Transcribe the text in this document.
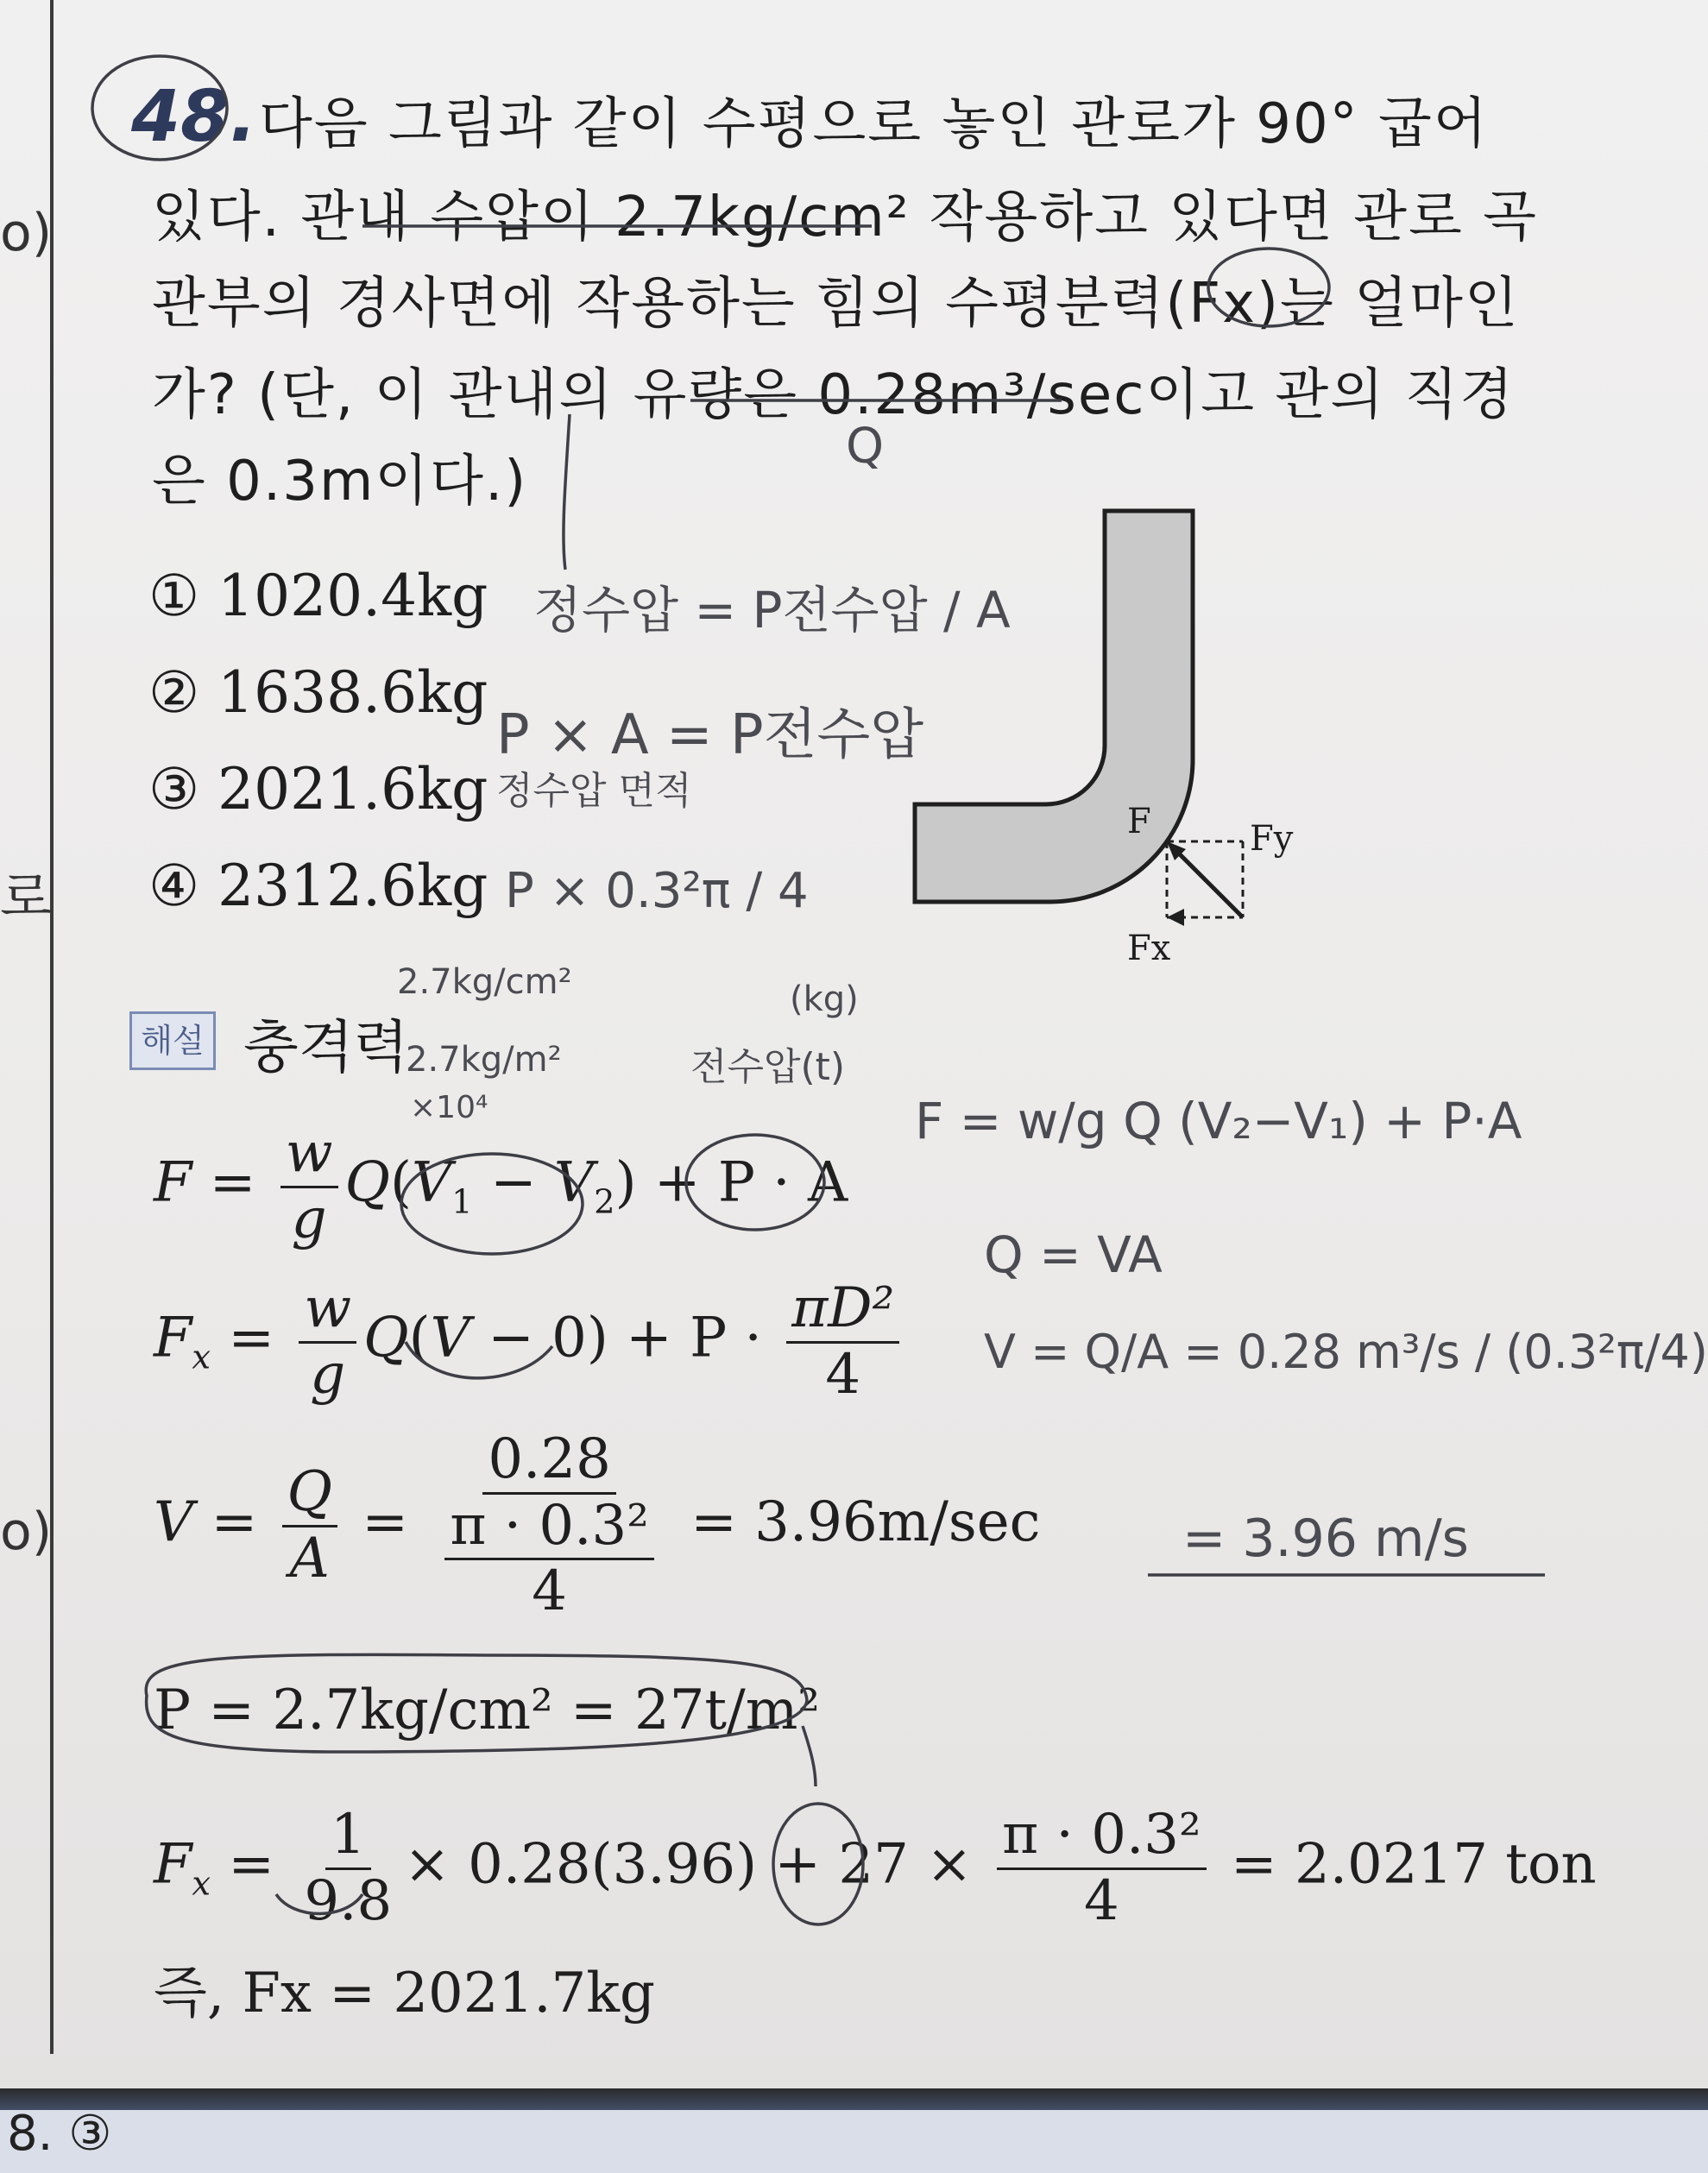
o)
로
o)
48. 다음 그림과 같이 수평으로 놓인 관로가 90° 굽어
있다. 관내 수압이 2.7kg/cm² 작용하고 있다면 관로 곡
관부의 경사면에 작용하는 힘의 수평분력(Fx)는 얼마인
가? (단, 이 관내의 유량은 0.28m³/sec이고 관의 직경
은 0.3m이다.)
① 1020.4kg
② 1638.6kg
③ 2021.6kg
④ 2312.6kg
F	Fy
Fx
해설 충격력
$F = \frac{w}{g} Q(V_1 - V_2) + P \cdot A$
$F_x = \frac{w}{g} Q(V - 0) + P \cdot \frac{\text{πD²}}{4}$
$V = \frac{Q}{A} = \frac{0.28}{\frac{\text{π · 0.3²}}{4}} = 3.96m/\sec$
P = 2.7kg/cm² = 27t/m²
$F_x = \frac{1}{9.8} \times 0.28(3.96) + 27 \times \frac{\text{π · 0.3²}}{4} = 2.0217$ ton
즉, Fx = 2021.7kg
정수압 = P전수압 / A
P × A = P전수압
정수압 면적
P × 0.3²π / 4
2.7kg/cm²
2.7kg/m²
×10⁴
(kg)
전수압(t)
Q
F = w/g Q (V₂−V₁) + P·A
Q = VA
V = Q/A = 0.28 m³/s / (0.3²π/4)
= 3.96 m/s
8. ③
